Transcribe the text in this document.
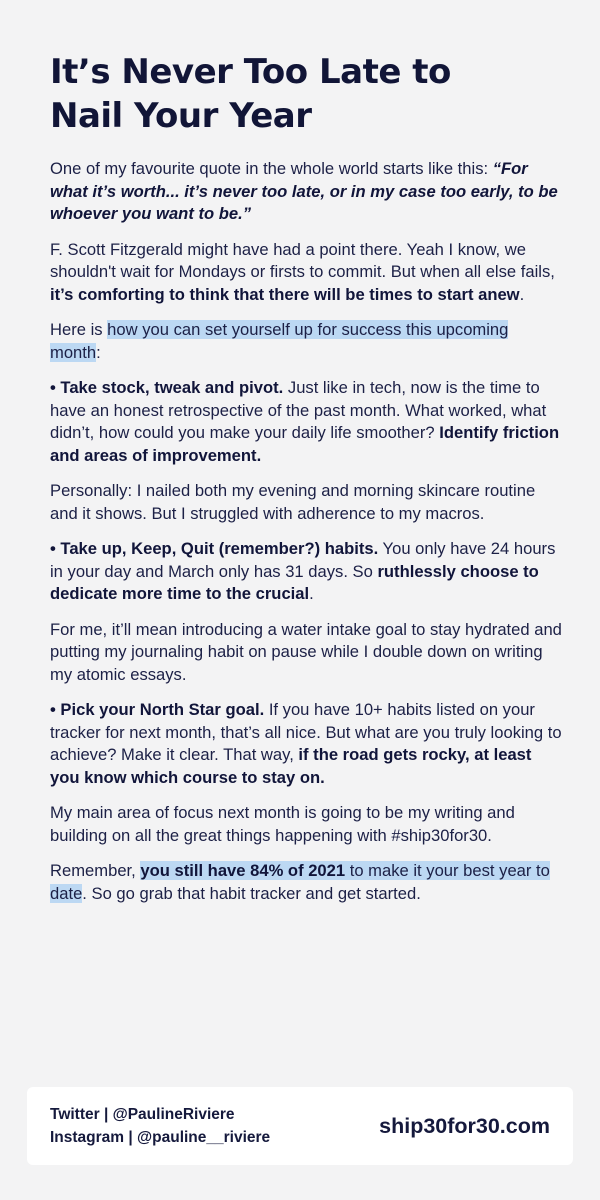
It’s Never Too Late to
Nail Your Year

One of my favourite quote in the whole world starts like this: “For what it’s worth... it’s never too late, or in my case too early, to be whoever you want to be.”

F. Scott Fitzgerald might have had a point there. Yeah I know, we shouldn't wait for Mondays or firsts to commit. But when all else fails, it’s comforting to think that there will be times to start anew.

Here is how you can set yourself up for success this upcoming month:

• Take stock, tweak and pivot. Just like in tech, now is the time to have an honest retrospective of the past month. What worked, what didn’t, how could you make your daily life smoother? Identify friction and areas of improvement.

Personally: I nailed both my evening and morning skincare routine and it shows. But I struggled with adherence to my macros.

• Take up, Keep, Quit (remember?) habits. You only have 24 hours in your day and March only has 31 days. So ruthlessly choose to dedicate more time to the crucial.

For me, it’ll mean introducing a water intake goal to stay hydrated and putting my journaling habit on pause while I double down on writing my atomic essays.

• Pick your North Star goal. If you have 10+ habits listed on your tracker for next month, that’s all nice. But what are you truly looking to achieve? Make it clear. That way, if the road gets rocky, at least you know which course to stay on.

My main area of focus next month is going to be my writing and building on all the great things happening with #ship30for30.

Remember, you still have 84% of 2021 to make it your best year to date. So go grab that habit tracker and get started.

Twitter | @PaulineRiviere
Instagram | @pauline__riviere	ship30for30.com
